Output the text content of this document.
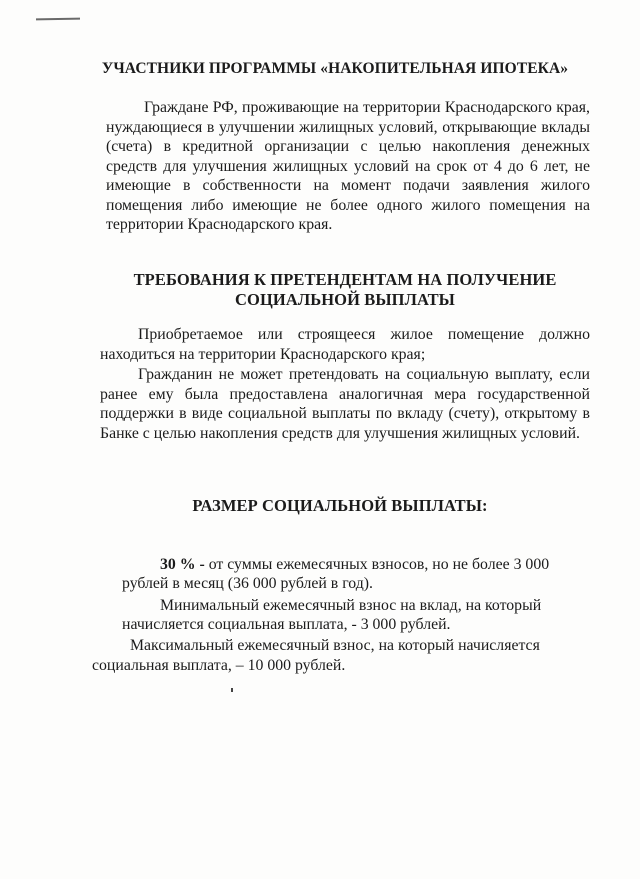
УЧАСТНИКИ ПРОГРАММЫ «НАКОПИТЕЛЬНАЯ ИПОТЕКА»

Граждане РФ, проживающие на территории Краснодарского края, нуждающиеся в улучшении жилищных условий, открывающие вклады (счета) в кредитной организации с целью накопления денежных средств для улучшения жилищных условий на срок от 4 до 6 лет, не имеющие в собственности на момент подачи заявления жилого помещения либо имеющие не более одного жилого помещения на территории Краснодарского края.

ТРЕБОВАНИЯ К ПРЕТЕНДЕНТАМ НА ПОЛУЧЕНИЕ
СОЦИАЛЬНОЙ ВЫПЛАТЫ

Приобретаемое или строящееся жилое помещение должно находиться на территории Краснодарского края;

Гражданин не может претендовать на социальную выплату, если ранее ему была предоставлена аналогичная мера государственной поддержки в виде социальной выплаты по вкладу (счету), открытому в Банке с целью накопления средств для улучшения жилищных условий.

РАЗМЕР СОЦИАЛЬНОЙ ВЫПЛАТЫ:

30 % - от суммы ежемесячных взносов, но не более 3 000 рублей в месяц (36 000 рублей в год).

Минимальный ежемесячный взнос на вклад, на который начисляется социальная выплата, - 3 000 рублей.

Максимальный ежемесячный взнос, на который начисляется социальная выплата, – 10 000 рублей.
